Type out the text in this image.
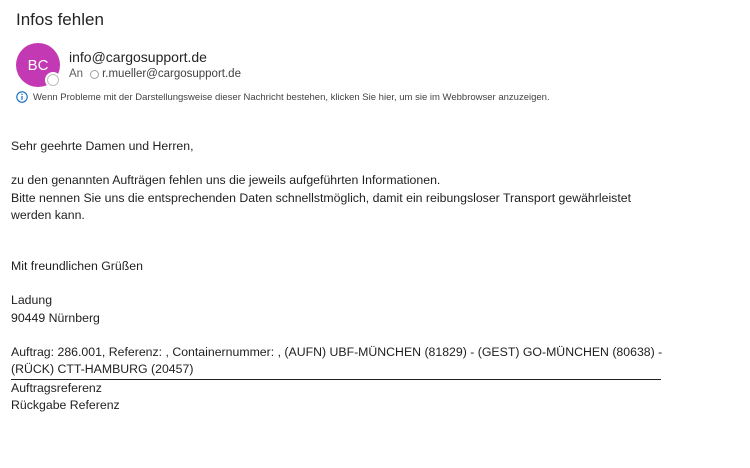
Infos fehlen
BC info@cargosupport.de
An r.mueller@cargosupport.de
Wenn Probleme mit der Darstellungsweise dieser Nachricht bestehen, klicken Sie hier, um sie im Webbrowser anzuzeigen.

Sehr geehrte Damen und Herren,

zu den genannten Aufträgen fehlen uns die jeweils aufgeführten Informationen.

Bitte nennen Sie uns die entsprechenden Daten schnellstmöglich, damit ein reibungsloser Transport gewährleistet werden kann.

Mit freundlichen Grüßen

Ladung

90449 Nürnberg

Auftrag: 286.001, Referenz: , Containernummer: , (AUFN) UBF-MÜNCHEN (81829) - (GEST) GO-MÜNCHEN (80638) - (RÜCK) CTT-HAMBURG (20457)

Auftragsreferenz

Rückgabe Referenz
